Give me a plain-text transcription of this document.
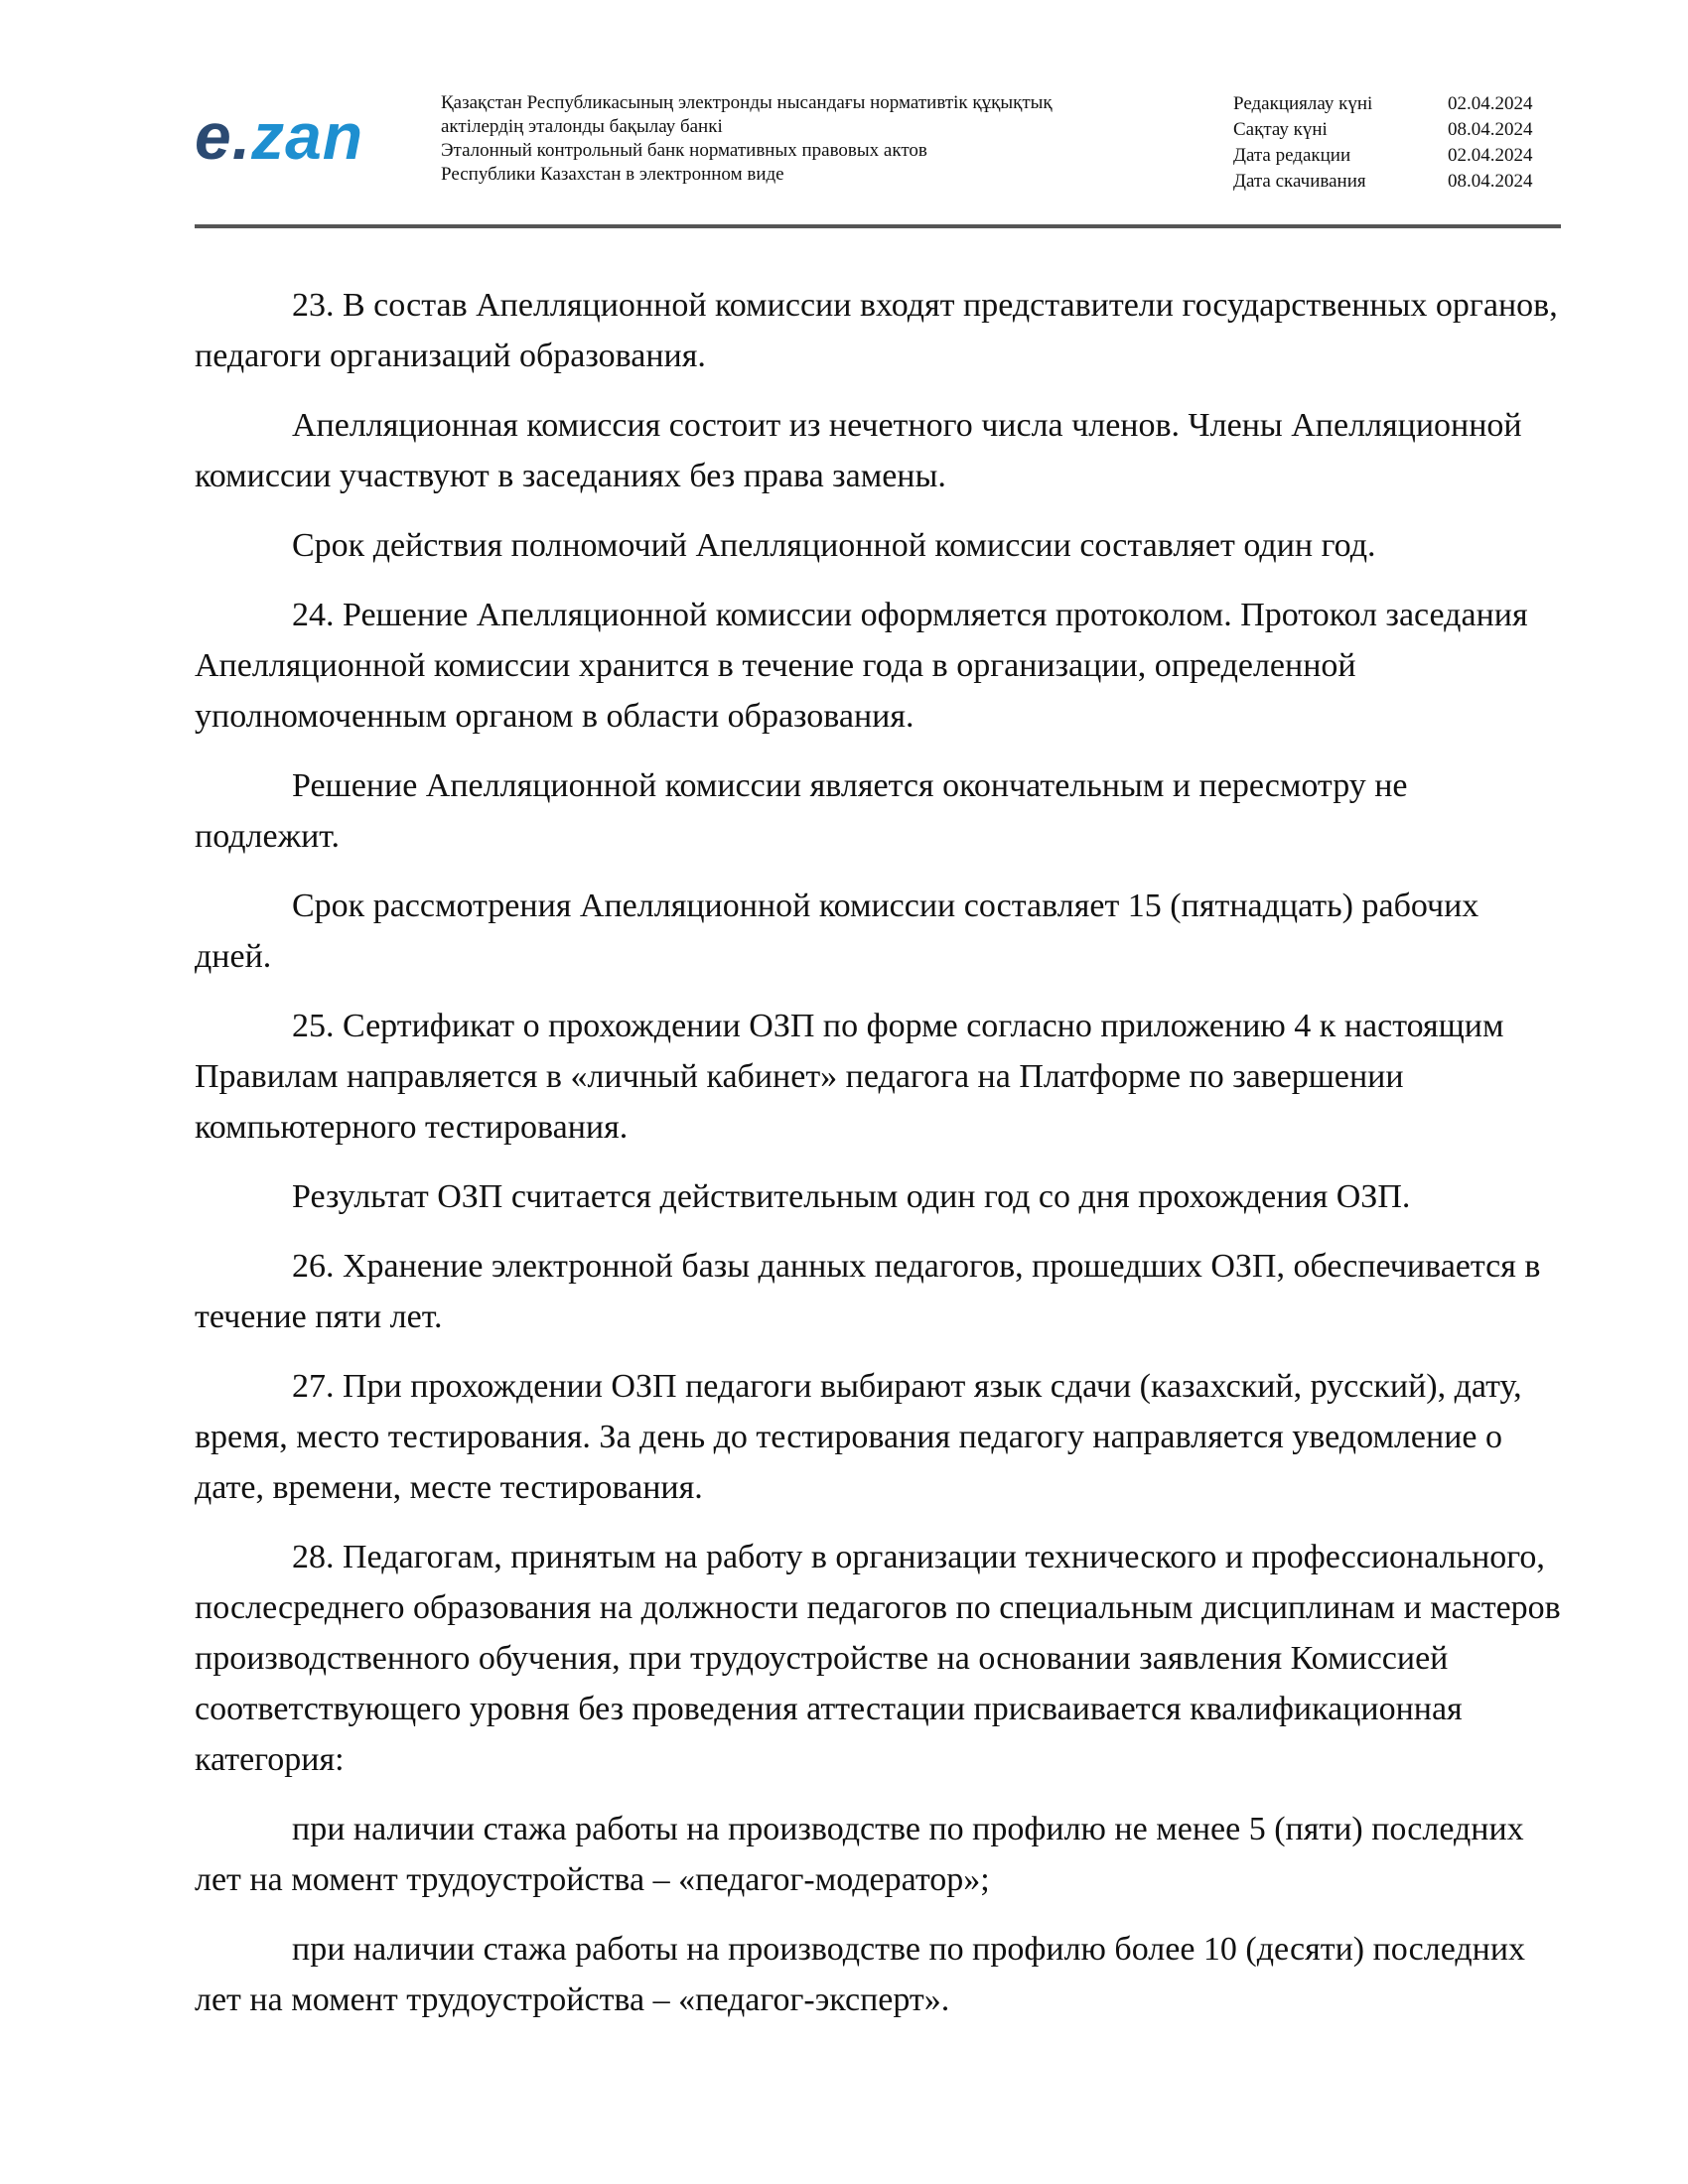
e.zan	Қазақстан Республикасының электронды нысандағы нормативтік құқықтық
актілердің эталонды бақылау банкі
Эталонный контрольный банк нормативных правовых актов
Республики Казахстан в электронном виде
Редакциялау күні	02.04.2024
Сақтау күні	08.04.2024
Дата редакции	02.04.2024
Дата скачивания	08.04.2024

23. В состав Апелляционной комиссии входят представители государственных органов, педагоги организаций образования.

Апелляционная комиссия состоит из нечетного числа членов. Члены Апелляционной комиссии участвуют в заседаниях без права замены.

Срок действия полномочий Апелляционной комиссии составляет один год.

24. Решение Апелляционной комиссии оформляется протоколом. Протокол заседания Апелляционной комиссии хранится в течение года в организации, определенной уполномоченным органом в области образования.

Решение Апелляционной комиссии является окончательным и пересмотру не подлежит.

Срок рассмотрения Апелляционной комиссии составляет 15 (пятнадцать) рабочих дней.

25. Сертификат о прохождении ОЗП по форме согласно приложению 4 к настоящим Правилам направляется в «личный кабинет» педагога на Платформе по завершении компьютерного тестирования.

Результат ОЗП считается действительным один год со дня прохождения ОЗП.

26. Хранение электронной базы данных педагогов, прошедших ОЗП, обеспечивается в течение пяти лет.

27. При прохождении ОЗП педагоги выбирают язык сдачи (казахский, русский), дату, время, место тестирования. За день до тестирования педагогу направляется уведомление о дате, времени, месте тестирования.

28. Педагогам, принятым на работу в организации технического и профессионального, послесреднего образования на должности педагогов по специальным дисциплинам и мастеров производственного обучения, при трудоустройстве на основании заявления Комиссией соответствующего уровня без проведения аттестации присваивается квалификационная категория:

при наличии стажа работы на производстве по профилю не менее 5 (пяти) последних лет на момент трудоустройства – «педагог-модератор»;

при наличии стажа работы на производстве по профилю более 10 (десяти) последних лет на момент трудоустройства – «педагог-эксперт».
